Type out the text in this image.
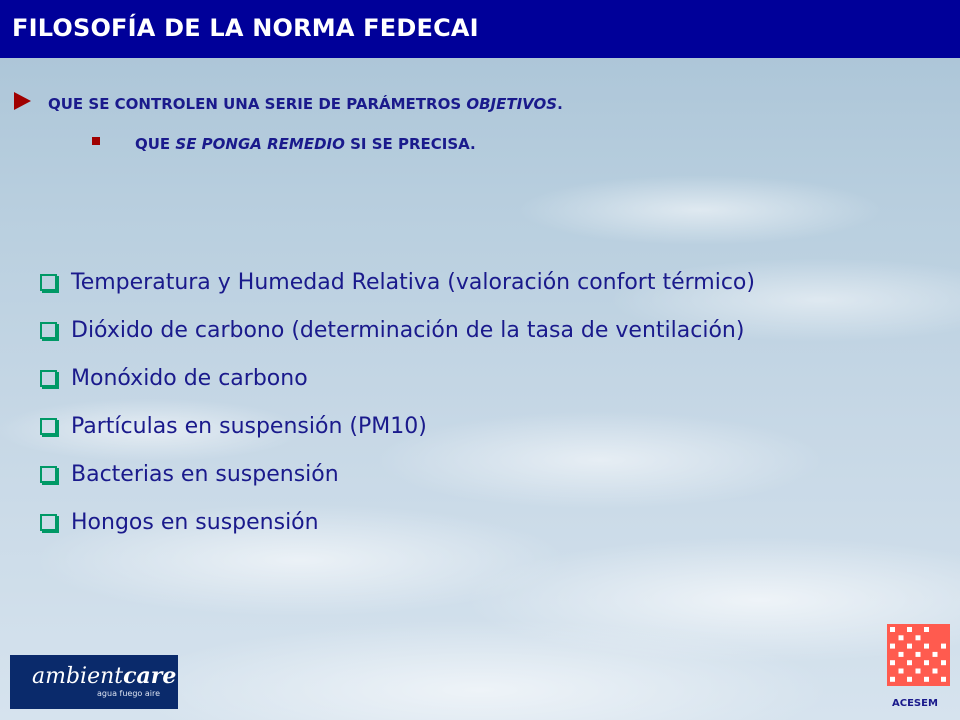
FILOSOFÍA DE LA NORMA FEDECAI
QUE SE CONTROLEN UNA SERIE DE PARÁMETROS OBJETIVOS.
QUE SE PONGA REMEDIO SI SE PRECISA.
Temperatura y Humedad Relativa (valoración confort térmico)
Dióxido de carbono (determinación de la tasa de ventilación)
Monóxido de carbono
Partículas en suspensión (PM10)
Bacterias en suspensión
Hongos en suspensión
ambientcare
agua fuego aire
ACESEM
